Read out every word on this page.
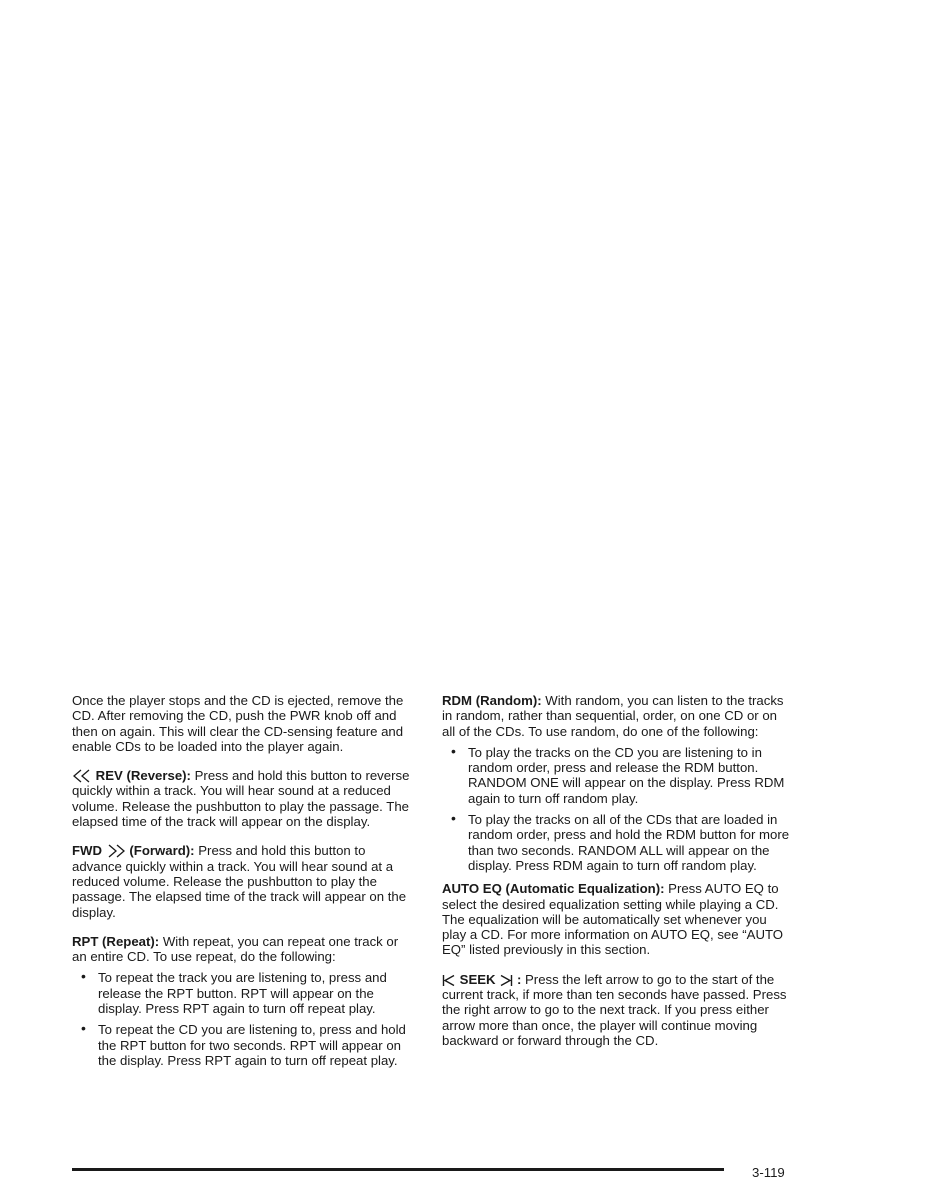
Once the player stops and the CD is ejected, remove the CD. After removing the CD, push the PWR knob off and then on again. This will clear the CD-sensing feature and enable CDs to be loaded into the player again.

REV (Reverse): Press and hold this button to reverse quickly within a track. You will hear sound at a reduced volume. Release the pushbutton to play the passage. The elapsed time of the track will appear on the display.

FWD (Forward): Press and hold this button to advance quickly within a track. You will hear sound at a reduced volume. Release the pushbutton to play the passage. The elapsed time of the track will appear on the display.

RPT (Repeat): With repeat, you can repeat one track or an entire CD. To use repeat, do the following:

• To repeat the track you are listening to, press and release the RPT button. RPT will appear on the display. Press RPT again to turn off repeat play.
• To repeat the CD you are listening to, press and hold the RPT button for two seconds. RPT will appear on the display. Press RPT again to turn off repeat play.

RDM (Random): With random, you can listen to the tracks in random, rather than sequential, order, on one CD or on all of the CDs. To use random, do one of the following:

• To play the tracks on the CD you are listening to in random order, press and release the RDM button. RANDOM ONE will appear on the display. Press RDM again to turn off random play.
• To play the tracks on all of the CDs that are loaded in random order, press and hold the RDM button for more than two seconds. RANDOM ALL will appear on the display. Press RDM again to turn off random play.

AUTO EQ (Automatic Equalization): Press AUTO EQ to select the desired equalization setting while playing a CD. The equalization will be automatically set whenever you play a CD. For more information on AUTO EQ, see “AUTO EQ” listed previously in this section.

SEEK : Press the left arrow to go to the start of the current track, if more than ten seconds have passed. Press the right arrow to go to the next track. If you press either arrow more than once, the player will continue moving backward or forward through the CD.

3-119
